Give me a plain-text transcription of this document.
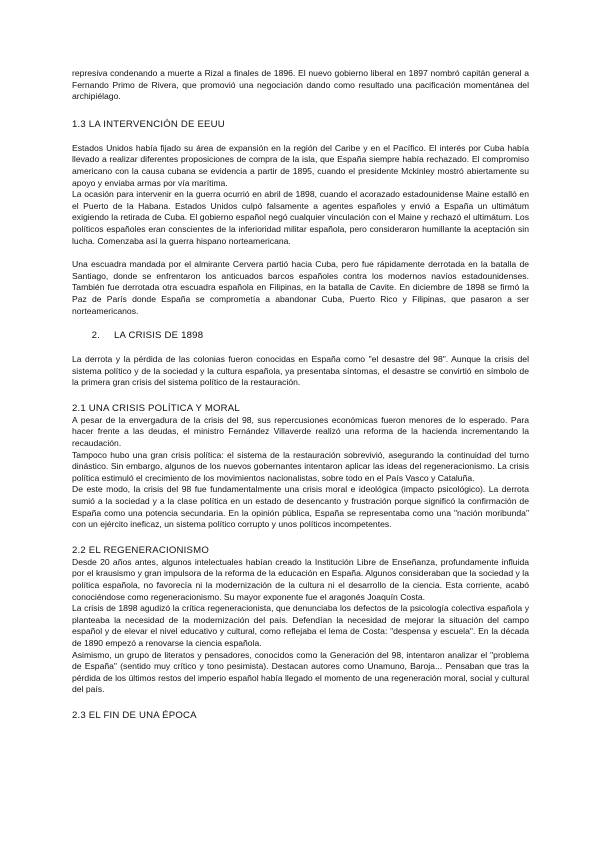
represiva condenando a muerte a Rizal a finales de 1896. El nuevo gobierno liberal en 1897 nombró capitán general a Fernando Primo de Rivera, que promovió una negociación dando como resultado una pacificación momentánea del archipiélago.

1.3 LA INTERVENCIÓN DE EEUU

Estados Unidos había fijado su área de expansión en la región del Caribe y en el Pacífico. El interés por Cuba había llevado a realizar diferentes proposiciones de compra de la isla, que España siempre había rechazado. El compromiso americano con la causa cubana se evidencia a partir de 1895, cuando el presidente Mckinley mostró abiertamente su apoyo y enviaba armas por vía marítima.

La ocasión para intervenir en la guerra ocurrió en abril de 1898, cuando el acorazado estadounidense Maine estalló en el Puerto de la Habana. Estados Unidos culpó falsamente a agentes españoles y envió a España un ultimátum exigiendo la retirada de Cuba. El gobierno español negó cualquier vinculación con el Maine y rechazó el ultimátum. Los políticos españoles eran conscientes de la inferioridad militar española, pero consideraron humillante la aceptación sin lucha. Comenzaba así la guerra hispano norteamericana.

Una escuadra mandada por el almirante Cervera partió hacia Cuba, pero fue rápidamente derrotada en la batalla de Santiago, donde se enfrentaron los anticuados barcos españoles contra los modernos navíos estadounidenses. También fue derrotada otra escuadra española en Filipinas, en la batalla de Cavite. En diciembre de 1898 se firmó la Paz de París donde España se comprometía a abandonar Cuba, Puerto Rico y Filipinas, que pasaron a ser norteamericanos.

2. LA CRISIS DE 1898

La derrota y la pérdida de las colonias fueron conocidas en España como "el desastre del 98". Aunque la crisis del sistema político y de la sociedad y la cultura española, ya presentaba síntomas, el desastre se convirtió en símbolo de la primera gran crisis del sistema político de la restauración.

2.1 UNA CRISIS POLÍTICA Y MORAL

A pesar de la envergadura de la crisis del 98, sus repercusiones económicas fueron menores de lo esperado. Para hacer frente a las deudas, el ministro Fernández Villaverde realizó una reforma de la hacienda incrementando la recaudación.

Tampoco hubo una gran crisis política: el sistema de la restauración sobrevivió, asegurando la continuidad del turno dinástico. Sin embargo, algunos de los nuevos gobernantes intentaron aplicar las ideas del regeneracionismo. La crisis política estimuló el crecimiento de los movimientos nacionalistas, sobre todo en el País Vasco y Cataluña.

De este modo, la crisis del 98 fue fundamentalmente una crisis moral e ideológica (impacto psicológico). La derrota sumió a la sociedad y a la clase política en un estado de desencanto y frustración porque significó la confirmación de España como una potencia secundaria. En la opinión pública, España se representaba como una "nación moribunda" con un ejército ineficaz, un sistema político corrupto y unos políticos incompetentes.

2.2 EL REGENERACIONISMO

Desde 20 años antes, algunos intelectuales habían creado la Institución Libre de Enseñanza, profundamente influida por el krausismo y gran impulsora de la reforma de la educación en España. Algunos consideraban que la sociedad y la política española, no favorecía ni la modernización de la cultura ni el desarrollo de la ciencia. Esta corriente, acabó conociéndose como regeneracionismo. Su mayor exponente fue el aragonés Joaquín Costa.

La crisis de 1898 agudizó la crítica regeneracionista, que denunciaba los defectos de la psicología colectiva española y planteaba la necesidad de la modernización del país. Defendían la necesidad de mejorar la situación del campo español y de elevar el nivel educativo y cultural, como reflejaba el lema de Costa: "despensa y escuela". En la década de 1890 empezó a renovarse la ciencia española.

Asimismo, un grupo de literatos y pensadores, conocidos como la Generación del 98, intentaron analizar el "problema de España" (sentido muy crítico y tono pesimista). Destacan autores como Unamuno, Baroja... Pensaban que tras la pérdida de los últimos restos del imperio español había llegado el momento de una regeneración moral, social y cultural del país.

2.3 EL FIN DE UNA ÉPOCA
